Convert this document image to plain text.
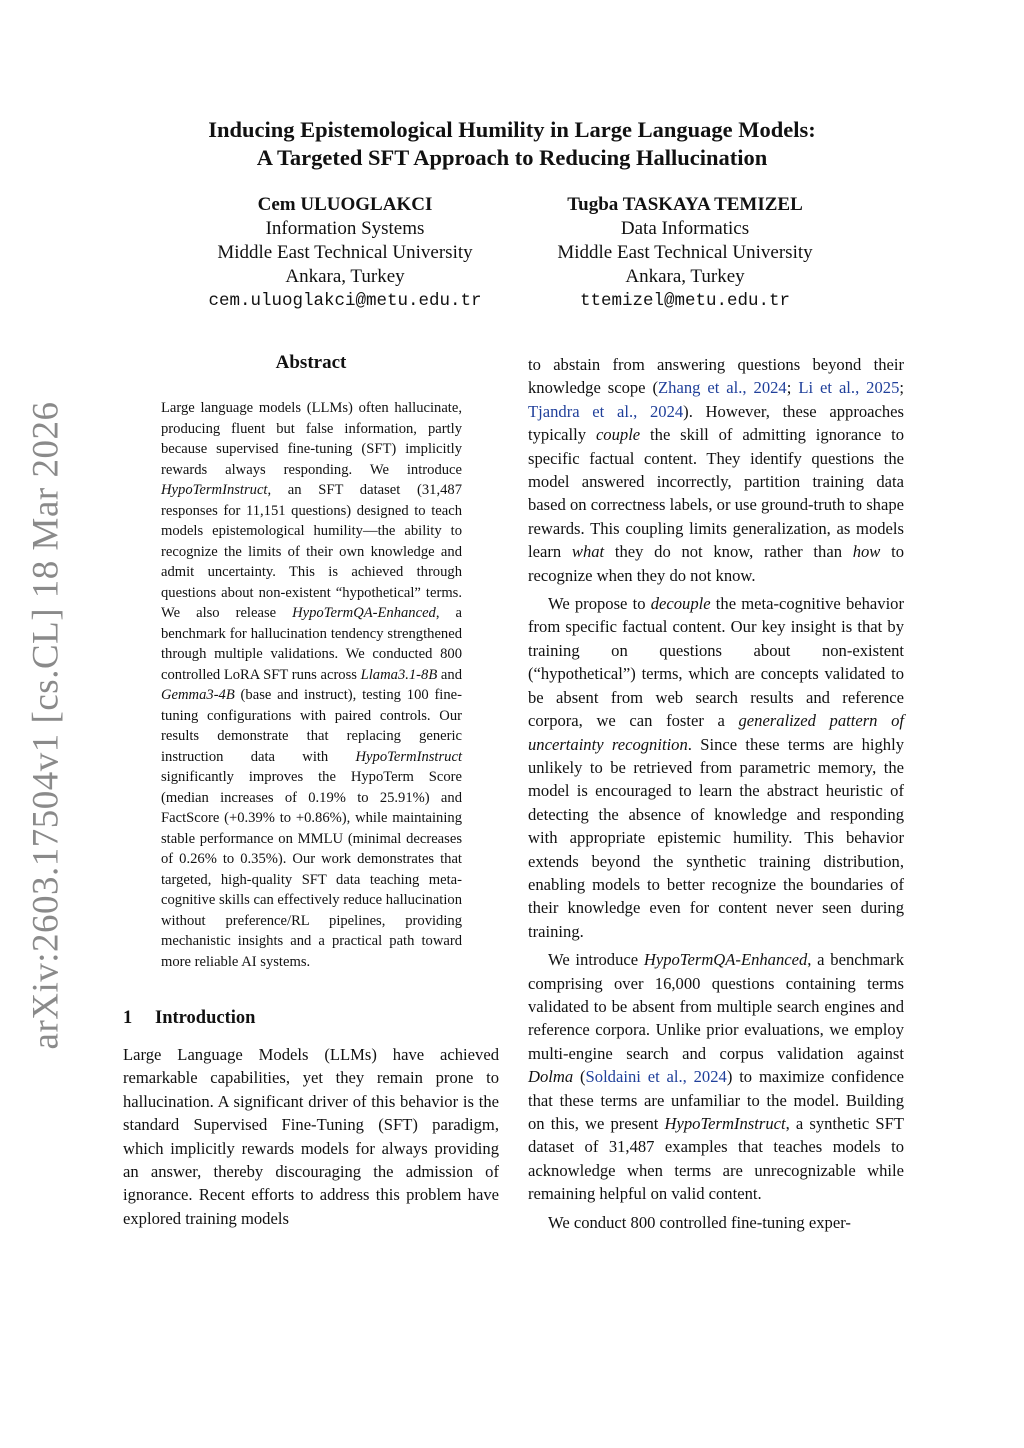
arXiv:2603.17504v1 [cs.CL] 18 Mar 2026
Inducing Epistemological Humility in Large Language Models:
A Targeted SFT Approach to Reducing Hallucination
Cem ULUOGLAKCI
Information Systems
Middle East Technical University
Ankara, Turkey
cem.uluoglakci@metu.edu.tr
Tugba TASKAYA TEMIZEL
Data Informatics
Middle East Technical University
Ankara, Turkey
ttemizel@metu.edu.tr
Abstract

Large language models (LLMs) often hallucinate, producing fluent but false information, partly because supervised fine-tuning (SFT) implicitly rewards always responding. We introduce HypoTermInstruct, an SFT dataset (31,487 responses for 11,151 questions) designed to teach models epistemological humility—the ability to recognize the limits of their own knowledge and admit uncertainty. This is achieved through questions about non-existent “hypothetical” terms. We also release HypoTermQA-Enhanced, a benchmark for hallucination tendency strengthened through multiple validations. We conducted 800 controlled LoRA SFT runs across Llama3.1-8B and Gemma3-4B (base and instruct), testing 100 fine-tuning configurations with paired controls. Our results demonstrate that replacing generic instruction data with HypoTermInstruct significantly improves the HypoTerm Score (median increases of 0.19% to 25.91%) and FactScore (+0.39% to +0.86%), while maintaining stable performance on MMLU (minimal decreases of 0.26% to 0.35%). Our work demonstrates that targeted, high-quality SFT data teaching meta-cognitive skills can effectively reduce hallucination without preference/RL pipelines, providing mechanistic insights and a practical path toward more reliable AI systems.

1 Introduction

Large Language Models (LLMs) have achieved remarkable capabilities, yet they remain prone to hallucination. A significant driver of this behavior is the standard Supervised Fine-Tuning (SFT) paradigm, which implicitly rewards models for always providing an answer, thereby discouraging the admission of ignorance. Recent efforts to address this problem have explored training models

to abstain from answering questions beyond their knowledge scope (Zhang et al., 2024; Li et al., 2025; Tjandra et al., 2024). However, these approaches typically couple the skill of admitting ignorance to specific factual content. They identify questions the model answered incorrectly, partition training data based on correctness labels, or use ground-truth to shape rewards. This coupling limits generalization, as models learn what they do not know, rather than how to recognize when they do not know.

We propose to decouple the meta-cognitive behavior from specific factual content. Our key insight is that by training on questions about non-existent (“hypothetical”) terms, which are concepts validated to be absent from web search results and reference corpora, we can foster a generalized pattern of uncertainty recognition. Since these terms are highly unlikely to be retrieved from parametric memory, the model is encouraged to learn the abstract heuristic of detecting the absence of knowledge and responding with appropriate epistemic humility. This behavior extends beyond the synthetic training distribution, enabling models to better recognize the boundaries of their knowledge even for content never seen during training.

We introduce HypoTermQA-Enhanced, a benchmark comprising over 16,000 questions containing terms validated to be absent from multiple search engines and reference corpora. Unlike prior evaluations, we employ multi-engine search and corpus validation against Dolma (Soldaini et al., 2024) to maximize confidence that these terms are unfamiliar to the model. Building on this, we present HypoTermInstruct, a synthetic SFT dataset of 31,487 examples that teaches models to acknowledge when terms are unrecognizable while remaining helpful on valid content.

We conduct 800 controlled fine-tuning exper-
